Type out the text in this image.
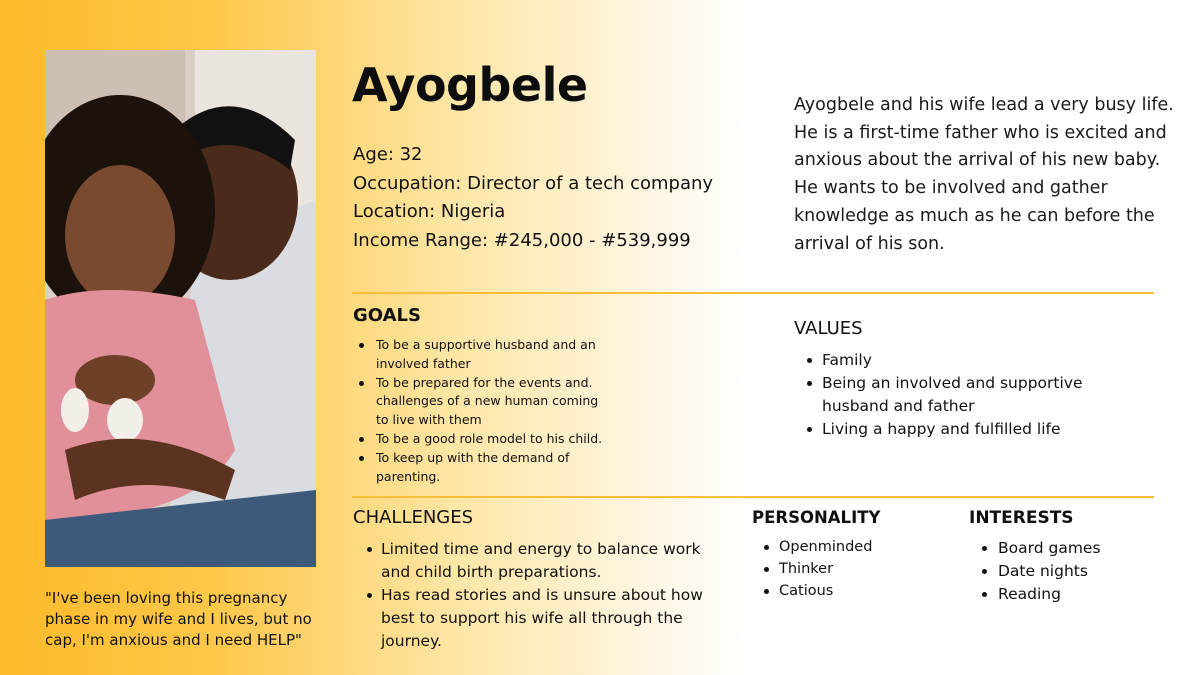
"I've been loving this pregnancy phase in my wife and I lives, but no cap, I'm anxious and I need HELP"
Ayogbele
Age: 32
Occupation: Director of a tech company
Location: Nigeria
Income Range: #245,000 - #539,999
Ayogbele and his wife lead a very busy life. He is a first-time father who is excited and anxious about the arrival of his new baby. He wants to be involved and gather knowledge as much as he can before the arrival of his son.
GOALS
To be a supportive husband and an involved father
To be prepared for the events and. challenges of a new human coming to live with them
To be a good role model to his child.
To keep up with the demand of parenting.
VALUES
Family
Being an involved and supportive husband and father
Living a happy and fulfilled life
CHALLENGES
Limited time and energy to balance work and child birth preparations.
Has read stories and is unsure about how best to support his wife all through the journey.
PERSONALITY
Openminded
Thinker
Catious
INTERESTS
Board games
Date nights
Reading
